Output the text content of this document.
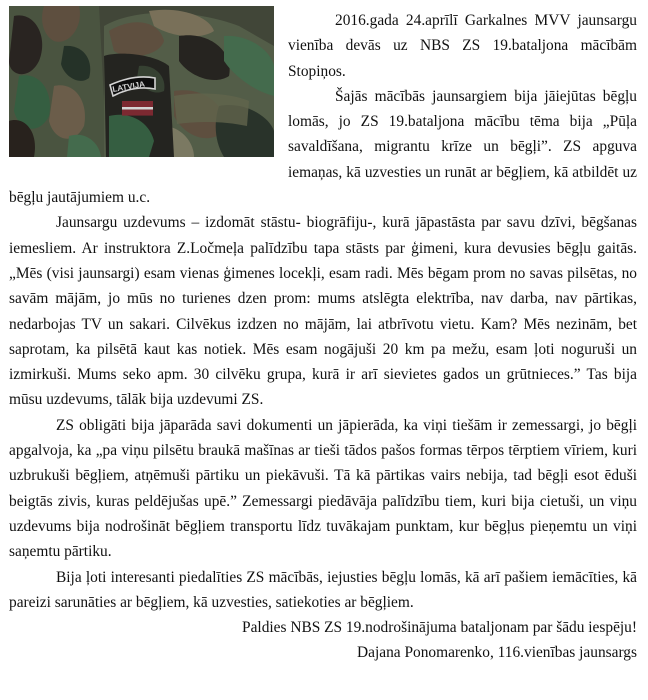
LATVIJA

2016.gada 24.aprīlī Garkalnes MVV jaunsargu vienība devās uz NBS ZS 19.bataljona mācībām Stopiņos.

Šajās mācībās jaunsargiem bija jāiejūtas bēgļu lomās, jo ZS 19.bataljona mācību tēma bija „Pūļa savaldīšana, migrantu krīze un bēgļi”. ZS apguva iemaņas, kā uzvesties un runāt ar bēgļiem, kā atbildēt uz bēgļu jautājumiem u.c.

Jaunsargu uzdevums – izdomāt stāstu- biogrāfiju-, kurā jāpastāsta par savu dzīvi, bēgšanas iemesliem. Ar instruktora Z.Ločmeļa palīdzību tapa stāsts par ģimeni, kura devusies bēgļu gaitās. „Mēs (visi jaunsargi) esam vienas ģimenes locekļi, esam radi. Mēs bēgam prom no savas pilsētas, no savām mājām, jo mūs no turienes dzen prom: mums atslēgta elektrība, nav darba, nav pārtikas, nedarbojas TV un sakari. Cilvēkus izdzen no mājām, lai atbrīvotu vietu. Kam? Mēs nezinām, bet saprotam, ka pilsētā kaut kas notiek. Mēs esam nogājuši 20 km pa mežu, esam ļoti noguruši un izmirkuši. Mums seko apm. 30 cilvēku grupa, kurā ir arī sievietes gados un grūtnieces.” Tas bija mūsu uzdevums, tālāk bija uzdevumi ZS.

ZS obligāti bija jāparāda savi dokumenti un jāpierāda, ka viņi tiešām ir zemessargi, jo bēgļi apgalvoja, ka „pa viņu pilsētu braukā mašīnas ar tieši tādos pašos formas tērpos tērptiem vīriem, kuri uzbrukuši bēgļiem, atņēmuši pārtiku un piekāvuši. Tā kā pārtikas vairs nebija, tad bēgļi esot ēduši beigtās zivis, kuras peldējušas upē.” Zemessargi piedāvāja palīdzību tiem, kuri bija cietuši, un viņu uzdevums bija nodrošināt bēgļiem transportu līdz tuvākajam punktam, kur bēgļus pieņemtu un viņi saņemtu pārtiku.

Bija ļoti interesanti piedalīties ZS mācībās, iejusties bēgļu lomās, kā arī pašiem iemācīties, kā pareizi sarunāties ar bēgļiem, kā uzvesties, satiekoties ar bēgļiem.

Paldies NBS ZS 19.nodrošinājuma bataljonam par šādu iespēju!

Dajana Ponomarenko, 116.vienības jaunsargs
